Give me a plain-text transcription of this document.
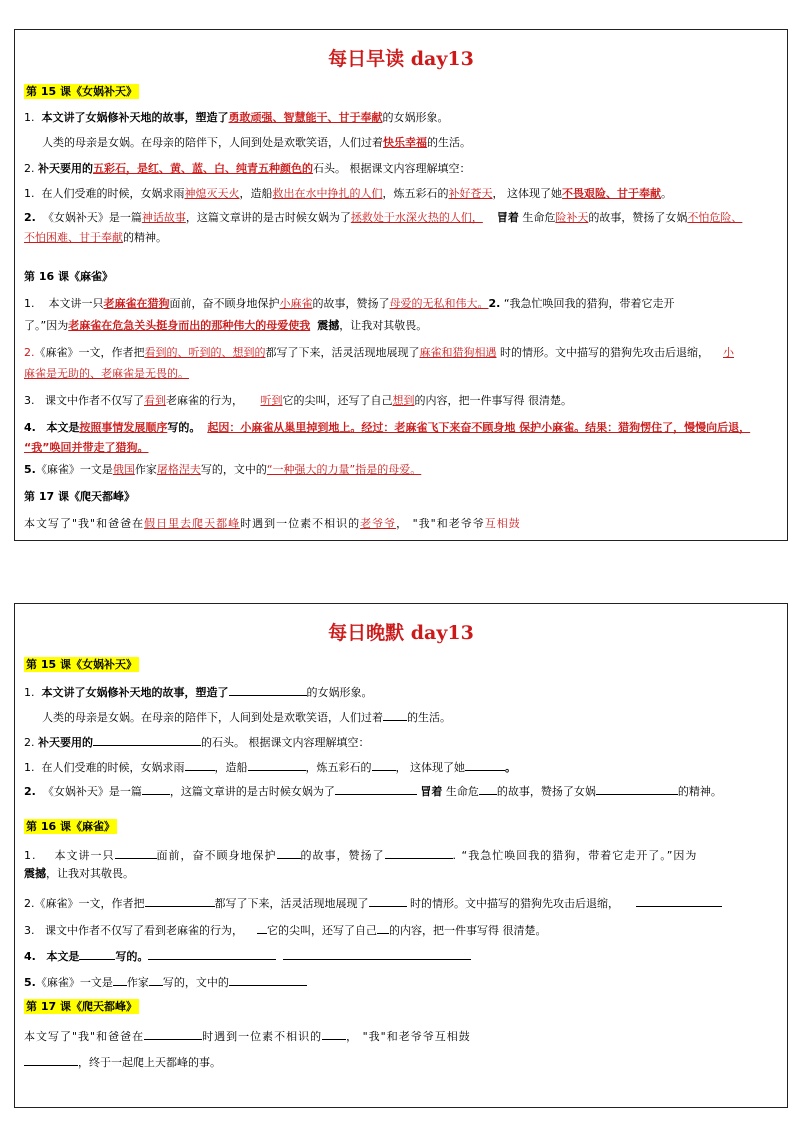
每日早读 day13
第 15 课《女娲补天》
1. 本文讲了女娲修补天地的故事，塑造了勇敢顽强、智慧能干、甘于奉献的女娲形象。
人类的母亲是女娲。在母亲的陪伴下，人间到处是欢歌笑语，人们过着快乐幸福的生活。
2. 补天要用的五彩石，是红、黄、蓝、白、纯青五种颜色的石头。 根据课文内容理解填空：
1. 在人们受难的时候，女娲求雨神熄灭天火，造船救出在水中挣扎的人们，炼五彩石的补好苍天， 这体现了她不畏艰险、甘于奉献。
2. 《女娲补天》是一篇神话故事，这篇文章讲的是古时候女娲为了拯救处于水深火热的人们， 冒着 生命危险补天的故事，赞扬了女娲不怕危险、
不怕困难、甘于奉献的精神。
第 16 课《麻雀》
1. 本文讲一只老麻雀在猎狗面前，奋不顾身地保护小麻雀的故事，赞扬了母爱的无私和伟大。2. “我急忙唤回我的猎狗，带着它走开
了。”因为老麻雀在危急关头挺身而出的那种伟大的母爱使我 震撼，让我对其敬畏。
2.《麻雀》一文，作者把看到的、听到的、想到的都写了下来，活灵活现地展现了麻雀和猎狗相遇 时的情形。文中描写的猎狗先攻击后退缩， 小
麻雀是无助的、老麻雀是无畏的。
3. 课文中作者不仅写了看到老麻雀的行为， 听到它的尖叫，还写了自己想到的内容，把一件事写得 很清楚。
4. 本文是按照事情发展顺序写的。 起因：小麻雀从巢里掉到地上。经过：老麻雀飞下来奋不顾身地 保护小麻雀。结果：猎狗愣住了，慢慢向后退，
“我”唤回并带走了猎狗。
5.《麻雀》一文是俄国作家屠格涅夫写的，文中的“一种强大的力量”指是的母爱。
第 17 课《爬天都峰》
本文写了"我"和爸爸在假日里去爬天都峰时遇到一位素不相识的老爷爷， "我"和老爷爷互相鼓
每日晚默 day13
第 15 课《女娲补天》
1. 本文讲了女娲修补天地的故事，塑造了	的女娲形象。
人类的母亲是女娲。在母亲的陪伴下，人间到处是欢歌笑语，人们过着 的生活。
2. 补天要用的	的石头。 根据课文内容理解填空：
1. 在人们受难的时候，女娲求雨	，造船	，炼五彩石的 ， 这体现了她	。
2. 《女娲补天》是一篇	，这篇文章讲的是古时候女娲为了	冒着 生命危 的故事，赞扬了女娲	的精神。
第 16 课《麻雀》
1. 本文讲一只	面前，奋不顾身地保护 的故事，赞扬了	. “我急忙唤回我的猎狗，带着它走开了。”因为
震撼，让我对其敬畏。
2.《麻雀》一文，作者把	都写了下来，活灵活现地展现了	时的情形。文中描写的猎狗先攻击后退缩，
3. 课文中作者不仅写了看到老麻雀的行为， 它的尖叫，还写了自己 的内容，把一件事写得 很清楚。
4. 本文是	写的。
5.《麻雀》一文是 作家 写的，文中的
第 17 课《爬天都峰》
本文写了"我"和爸爸在	时遇到一位素不相识的 ， "我"和老爷爷互相鼓
，终于一起爬上天都峰的事。
